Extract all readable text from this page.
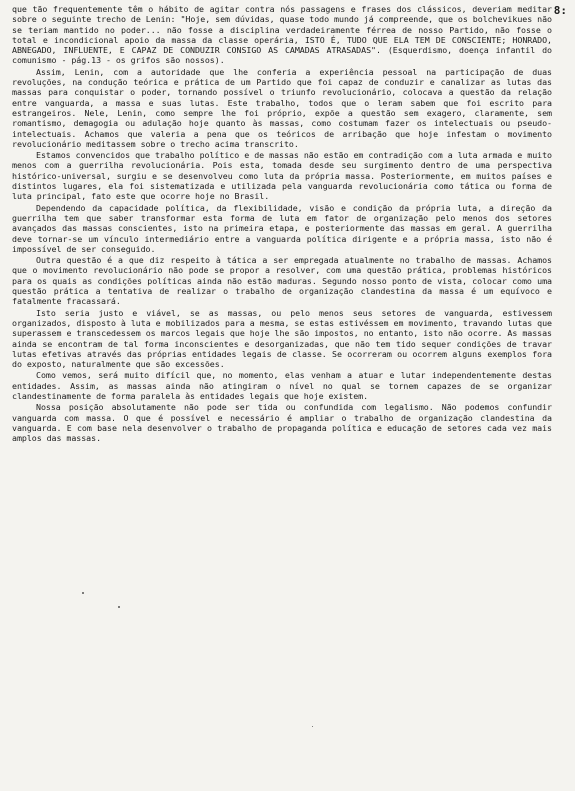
8:

que tão frequentemente têm o hábito de agitar contra nós passagens e frases dos clássicos, deveriam meditar sobre o seguinte trecho de Lenin: "Hoje, sem dúvidas, quase todo mundo já compreende, que os bolchevikues não se teriam mantido no poder... não fosse a disciplina verdadeiramente férrea de nosso Partido, não fosse o total e incondicional apoio da massa da classe operária, ISTO É, TUDO QUE ELA TEM DE CONSCIENTE; HONRADO, ABNEGADO, INFLUENTE, E CAPAZ DE CONDUZIR CONSIGO AS CAMADAS ATRASADAS". (Esquerdismo, doença infantil do comunismo - pág.13 - os grifos são nossos).

Assim, Lenin, com a autoridade que lhe conferia a experiência pessoal na participação de duas revoluções, na condução teórica e prática de um Partido que foi capaz de conduzir e canalizar as lutas das massas para conquistar o poder, tornando possível o triunfo revolucionário, colocava a questão da relação entre vanguarda, a massa e suas lutas. Este trabalho, todos que o leram sabem que foi escrito para estrangeiros. Nele, Lenin, como sempre lhe foi próprio, expõe a questão sem exagero, claramente, sem romantismo, demagogia ou adulação hoje quanto às massas, como costumam fazer os intelectuais ou pseudo-intelectuais. Achamos que valeria a pena que os teóricos de arribação que hoje infestam o movimento revolucionário meditassem sobre o trecho acima transcrito.

Estamos convencidos que trabalho político e de massas não estão em contradição com a luta armada e muito menos com a guerrilha revolucionária. Pois esta, tomada desde seu surgimento dentro de uma perspectiva histórico-universal, surgiu e se desenvolveu como luta da própria massa. Posteriormente, em muitos países e distintos lugares, ela foi sistematizada e utilizada pela vanguarda revolucionária como tática ou forma de luta principal, fato este que ocorre hoje no Brasil.

Dependendo da capacidade política, da flexibilidade, visão e condição da própria luta, a direção da guerrilha tem que saber transformar esta forma de luta em fator de organização pelo menos dos setores avançados das massas conscientes, isto na primeira etapa, e posteriormente das massas em geral. A guerrilha deve tornar-se um vínculo intermediário entre a vanguarda política dirigente e a própria massa, isto não é impossível de ser conseguido.

Outra questão é a que diz respeito à tática a ser empregada atualmente no trabalho de massas. Achamos que o movimento revolucionário não pode se propor a resolver, com uma questão prática, problemas históricos para os quais as condições políticas ainda não estão maduras. Segundo nosso ponto de vista, colocar como uma questão prática a tentativa de realizar o trabalho de organização clandestina da massa é um equívoco e fatalmente fracassará.

Isto seria justo e viável, se as massas, ou pelo menos seus setores de vanguarda, estivessem organizados, disposto à luta e mobilizados para a mesma, se estas estivéssem em movimento, travando lutas que superassem e transcedessem os marcos legais que hoje lhe são impostos, no entanto, isto não ocorre. As massas ainda se encontram de tal forma inconscientes e desorganizadas, que não tem tido sequer condições de travar lutas efetivas através das próprias entidades legais de classe. Se ocorreram ou ocorrem alguns exemplos fora do exposto, naturalmente que são excessões.

Como vemos, será muito difícil que, no momento, elas venham a atuar e lutar independentemente destas entidades. Assim, as massas ainda não atingiram o nível no qual se tornem capazes de se organizar clandestinamente de forma paralela às entidades legais que hoje existem.

Nossa posição absolutamente não pode ser tida ou confundida com legalismo. Não podemos confundir vanguarda com massa. O que é possível e necessário é ampliar o trabalho de organização clandestina da vanguarda. E com base nela desenvolver o trabalho de propaganda política e educação de setores cada vez mais amplos das massas.
